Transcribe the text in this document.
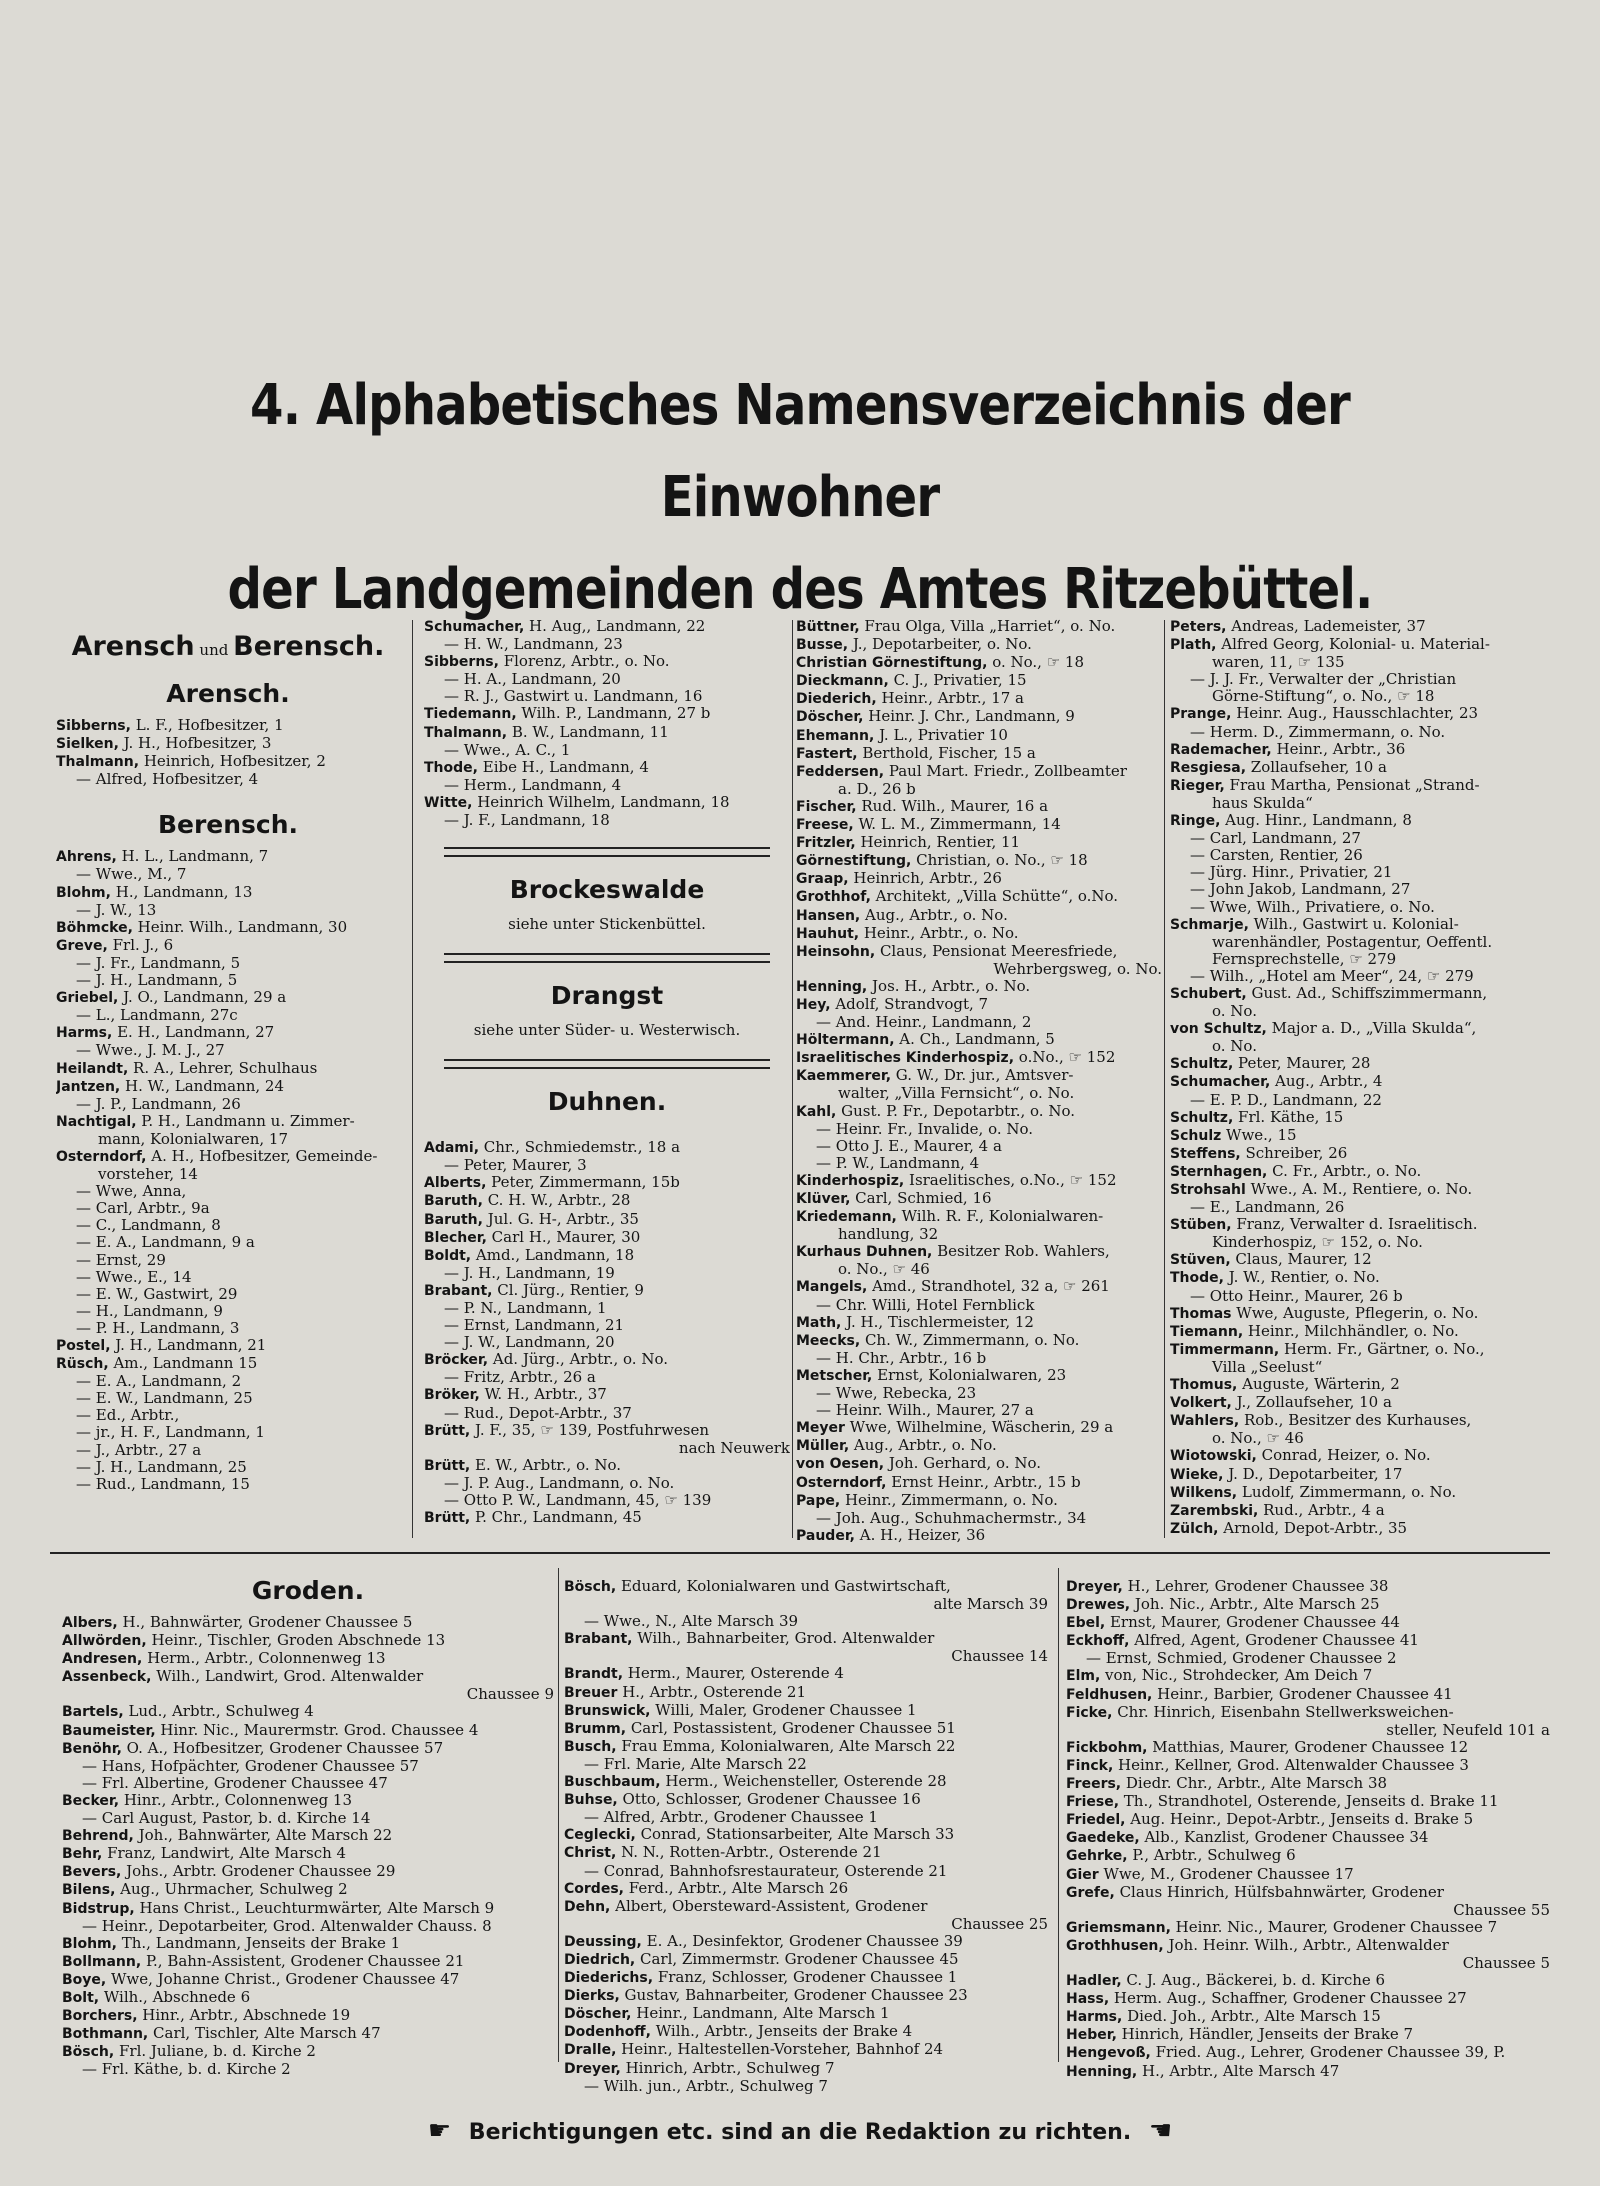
4. Alphabetisches Namensverzeichnis der Einwohner
der Landgemeinden des Amtes Ritzebüttel.
Arensch und Berensch.
Arensch.
Sibberns, L. F., Hofbesitzer, 1
Sielken, J. H., Hofbesitzer, 3
Thalmann, Heinrich, Hofbesitzer, 2
— Alfred, Hofbesitzer, 4
Berensch.
Ahrens, H. L., Landmann, 7
— Wwe., M., 7
Blohm, H., Landmann, 13
— J. W., 13
Böhmcke, Heinr. Wilh., Landmann, 30
Greve, Frl. J., 6
— J. Fr., Landmann, 5
— J. H., Landmann, 5
Griebel, J. O., Landmann, 29 a
— L., Landmann, 27c
Harms, E. H., Landmann, 27
— Wwe., J. M. J., 27
Heilandt, R. A., Lehrer, Schulhaus
Jantzen, H. W., Landmann, 24
— J. P., Landmann, 26
Nachtigal, P. H., Landmann u. Zimmer-
mann, Kolonialwaren, 17
Osterndorf, A. H., Hofbesitzer, Gemeinde-
vorsteher, 14
— Wwe, Anna,
— Carl, Arbtr., 9a
— C., Landmann, 8
— E. A., Landmann, 9 a
— Ernst, 29
— Wwe., E., 14
— E. W., Gastwirt, 29
— H., Landmann, 9
— P. H., Landmann, 3
Postel, J. H., Landmann, 21
Rüsch, Am., Landmann 15
— E. A., Landmann, 2
— E. W., Landmann, 25
— Ed., Arbtr.,
— jr., H. F., Landmann, 1
— J., Arbtr., 27 a
— J. H., Landmann, 25
— Rud., Landmann, 15
Schumacher, H. Aug,, Landmann, 22
— H. W., Landmann, 23
Sibberns, Florenz, Arbtr., o. No.
— H. A., Landmann, 20
— R. J., Gastwirt u. Landmann, 16
Tiedemann, Wilh. P., Landmann, 27 b
Thalmann, B. W., Landmann, 11
— Wwe., A. C., 1
Thode, Eibe H., Landmann, 4
— Herm., Landmann, 4
Witte, Heinrich Wilhelm, Landmann, 18
— J. F., Landmann, 18
Brockeswalde
siehe unter Stickenbüttel.
Drangst
siehe unter Süder- u. Westerwisch.
Duhnen.
Adami, Chr., Schmiedemstr., 18 a
— Peter, Maurer, 3
Alberts, Peter, Zimmermann, 15b
Baruth, C. H. W., Arbtr., 28
Baruth, Jul. G. H-, Arbtr., 35
Blecher, Carl H., Maurer, 30
Boldt, Amd., Landmann, 18
— J. H., Landmann, 19
Brabant, Cl. Jürg., Rentier, 9
— P. N., Landmann, 1
— Ernst, Landmann, 21
— J. W., Landmann, 20
Bröcker, Ad. Jürg., Arbtr., o. No.
— Fritz, Arbtr., 26 a
Bröker, W. H., Arbtr., 37
— Rud., Depot-Arbtr., 37
Brütt, J. F., 35, ☞ 139, Postfuhrwesen
nach Neuwerk
Brütt, E. W., Arbtr., o. No.
— J. P. Aug., Landmann, o. No.
— Otto P. W., Landmann, 45, ☞ 139
Brütt, P. Chr., Landmann, 45
Büttner, Frau Olga, Villa „Harriet“, o. No.
Busse, J., Depotarbeiter, o. No.
Christian Görnestiftung, o. No., ☞ 18
Dieckmann, C. J., Privatier, 15
Diederich, Heinr., Arbtr., 17 a
Döscher, Heinr. J. Chr., Landmann, 9
Ehemann, J. L., Privatier 10
Fastert, Berthold, Fischer, 15 a
Feddersen, Paul Mart. Friedr., Zollbeamter
a. D., 26 b
Fischer, Rud. Wilh., Maurer, 16 a
Freese, W. L. M., Zimmermann, 14
Fritzler, Heinrich, Rentier, 11
Görnestiftung, Christian, o. No., ☞ 18
Graap, Heinrich, Arbtr., 26
Grothhof, Architekt, „Villa Schütte“, o.No.
Hansen, Aug., Arbtr., o. No.
Hauhut, Heinr., Arbtr., o. No.
Heinsohn, Claus, Pensionat Meeresfriede,
Wehrbergsweg, o. No.
Henning, Jos. H., Arbtr., o. No.
Hey, Adolf, Strandvogt, 7
— And. Heinr., Landmann, 2
Höltermann, A. Ch., Landmann, 5
Israelitisches Kinderhospiz, o.No., ☞ 152
Kaemmerer, G. W., Dr. jur., Amtsver-
walter, „Villa Fernsicht“, o. No.
Kahl, Gust. P. Fr., Depotarbtr., o. No.
— Heinr. Fr., Invalide, o. No.
— Otto J. E., Maurer, 4 a
— P. W., Landmann, 4
Kinderhospiz, Israelitisches, o.No., ☞ 152
Klüver, Carl, Schmied, 16
Kriedemann, Wilh. R. F., Kolonialwaren-
handlung, 32
Kurhaus Duhnen, Besitzer Rob. Wahlers,
o. No., ☞ 46
Mangels, Amd., Strandhotel, 32 a, ☞ 261
— Chr. Willi, Hotel Fernblick
Math, J. H., Tischlermeister, 12
Meecks, Ch. W., Zimmermann, o. No.
— H. Chr., Arbtr., 16 b
Metscher, Ernst, Kolonialwaren, 23
— Wwe, Rebecka, 23
— Heinr. Wilh., Maurer, 27 a
Meyer Wwe, Wilhelmine, Wäscherin, 29 a
Müller, Aug., Arbtr., o. No.
von Oesen, Joh. Gerhard, o. No.
Osterndorf, Ernst Heinr., Arbtr., 15 b
Pape, Heinr., Zimmermann, o. No.
— Joh. Aug., Schuhmachermstr., 34
Pauder, A. H., Heizer, 36
Peters, Andreas, Lademeister, 37
Plath, Alfred Georg, Kolonial- u. Material-
waren, 11, ☞ 135
— J. J. Fr., Verwalter der „Christian
Görne-Stiftung“, o. No., ☞ 18
Prange, Heinr. Aug., Hausschlachter, 23
— Herm. D., Zimmermann, o. No.
Rademacher, Heinr., Arbtr., 36
Resgiesa, Zollaufseher, 10 a
Rieger, Frau Martha, Pensionat „Strand-
haus Skulda“
Ringe, Aug. Hinr., Landmann, 8
— Carl, Landmann, 27
— Carsten, Rentier, 26
— Jürg. Hinr., Privatier, 21
— John Jakob, Landmann, 27
— Wwe, Wilh., Privatiere, o. No.
Schmarje, Wilh., Gastwirt u. Kolonial-
warenhändler, Postagentur, Oeffentl.
Fernsprechstelle, ☞ 279
— Wilh., „Hotel am Meer“, 24, ☞ 279
Schubert, Gust. Ad., Schiffszimmermann,
o. No.
von Schultz, Major a. D., „Villa Skulda“,
o. No.
Schultz, Peter, Maurer, 28
Schumacher, Aug., Arbtr., 4
— E. P. D., Landmann, 22
Schultz, Frl. Käthe, 15
Schulz Wwe., 15
Steffens, Schreiber, 26
Sternhagen, C. Fr., Arbtr., o. No.
Strohsahl Wwe., A. M., Rentiere, o. No.
— E., Landmann, 26
Stüben, Franz, Verwalter d. Israelitisch.
Kinderhospiz, ☞ 152, o. No.
Stüven, Claus, Maurer, 12
Thode, J. W., Rentier, o. No.
— Otto Heinr., Maurer, 26 b
Thomas Wwe, Auguste, Pflegerin, o. No.
Tiemann, Heinr., Milchhändler, o. No.
Timmermann, Herm. Fr., Gärtner, o. No.,
Villa „Seelust“
Thomus, Auguste, Wärterin, 2
Volkert, J., Zollaufseher, 10 a
Wahlers, Rob., Besitzer des Kurhauses,
o. No., ☞ 46
Wiotowski, Conrad, Heizer, o. No.
Wieke, J. D., Depotarbeiter, 17
Wilkens, Ludolf, Zimmermann, o. No.
Zarembski, Rud., Arbtr., 4 a
Zülch, Arnold, Depot-Arbtr., 35
Groden.
Albers, H., Bahnwärter, Grodener Chaussee 5
Allwörden, Heinr., Tischler, Groden Abschnede 13
Andresen, Herm., Arbtr., Colonnenweg 13
Assenbeck, Wilh., Landwirt, Grod. Altenwalder
Chaussee 9
Bartels, Lud., Arbtr., Schulweg 4
Baumeister, Hinr. Nic., Maurermstr. Grod. Chaussee 4
Benöhr, O. A., Hofbesitzer, Grodener Chaussee 57
— Hans, Hofpächter, Grodener Chaussee 57
— Frl. Albertine, Grodener Chaussee 47
Becker, Hinr., Arbtr., Colonnenweg 13
— Carl August, Pastor, b. d. Kirche 14
Behrend, Joh., Bahnwärter, Alte Marsch 22
Behr, Franz, Landwirt, Alte Marsch 4
Bevers, Johs., Arbtr. Grodener Chaussee 29
Bilens, Aug., Uhrmacher, Schulweg 2
Bidstrup, Hans Christ., Leuchturmwärter, Alte Marsch 9
— Heinr., Depotarbeiter, Grod. Altenwalder Chauss. 8
Blohm, Th., Landmann, Jenseits der Brake 1
Bollmann, P., Bahn-Assistent, Grodener Chaussee 21
Boye, Wwe, Johanne Christ., Grodener Chaussee 47
Bolt, Wilh., Abschnede 6
Borchers, Hinr., Arbtr., Abschnede 19
Bothmann, Carl, Tischler, Alte Marsch 47
Bösch, Frl. Juliane, b. d. Kirche 2
— Frl. Käthe, b. d. Kirche 2
Bösch, Eduard, Kolonialwaren und Gastwirtschaft,
alte Marsch 39
— Wwe., N., Alte Marsch 39
Brabant, Wilh., Bahnarbeiter, Grod. Altenwalder
Chaussee 14
Brandt, Herm., Maurer, Osterende 4
Breuer H., Arbtr., Osterende 21
Brunswick, Willi, Maler, Grodener Chaussee 1
Brumm, Carl, Postassistent, Grodener Chaussee 51
Busch, Frau Emma, Kolonialwaren, Alte Marsch 22
— Frl. Marie, Alte Marsch 22
Buschbaum, Herm., Weichensteller, Osterende 28
Buhse, Otto, Schlosser, Grodener Chaussee 16
— Alfred, Arbtr., Grodener Chaussee 1
Ceglecki, Conrad, Stationsarbeiter, Alte Marsch 33
Christ, N. N., Rotten-Arbtr., Osterende 21
— Conrad, Bahnhofsrestaurateur, Osterende 21
Cordes, Ferd., Arbtr., Alte Marsch 26
Dehn, Albert, Obersteward-Assistent, Grodener
Chaussee 25
Deussing, E. A., Desinfektor, Grodener Chaussee 39
Diedrich, Carl, Zimmermstr. Grodener Chaussee 45
Diederichs, Franz, Schlosser, Grodener Chaussee 1
Dierks, Gustav, Bahnarbeiter, Grodener Chaussee 23
Döscher, Heinr., Landmann, Alte Marsch 1
Dodenhoff, Wilh., Arbtr., Jenseits der Brake 4
Dralle, Heinr., Haltestellen-Vorsteher, Bahnhof 24
Dreyer, Hinrich, Arbtr., Schulweg 7
— Wilh. jun., Arbtr., Schulweg 7
Dreyer, H., Lehrer, Grodener Chaussee 38
Drewes, Joh. Nic., Arbtr., Alte Marsch 25
Ebel, Ernst, Maurer, Grodener Chaussee 44
Eckhoff, Alfred, Agent, Grodener Chaussee 41
— Ernst, Schmied, Grodener Chaussee 2
Elm, von, Nic., Strohdecker, Am Deich 7
Feldhusen, Heinr., Barbier, Grodener Chaussee 41
Ficke, Chr. Hinrich, Eisenbahn Stellwerksweichen-
steller, Neufeld 101 a
Fickbohm, Matthias, Maurer, Grodener Chaussee 12
Finck, Heinr., Kellner, Grod. Altenwalder Chaussee 3
Freers, Diedr. Chr., Arbtr., Alte Marsch 38
Friese, Th., Strandhotel, Osterende, Jenseits d. Brake 11
Friedel, Aug. Heinr., Depot-Arbtr., Jenseits d. Brake 5
Gaedeke, Alb., Kanzlist, Grodener Chaussee 34
Gehrke, P., Arbtr., Schulweg 6
Gier Wwe, M., Grodener Chaussee 17
Grefe, Claus Hinrich, Hülfsbahnwärter, Grodener
Chaussee 55
Griemsmann, Heinr. Nic., Maurer, Grodener Chaussee 7
Grothhusen, Joh. Heinr. Wilh., Arbtr., Altenwalder
Chaussee 5
Hadler, C. J. Aug., Bäckerei, b. d. Kirche 6
Hass, Herm. Aug., Schaffner, Grodener Chaussee 27
Harms, Died. Joh., Arbtr., Alte Marsch 15
Heber, Hinrich, Händler, Jenseits der Brake 7
Hengevoß, Fried. Aug., Lehrer, Grodener Chaussee 39, P.
Henning, H., Arbtr., Alte Marsch 47
☛ Berichtigungen etc. sind an die Redaktion zu richten. ☚
